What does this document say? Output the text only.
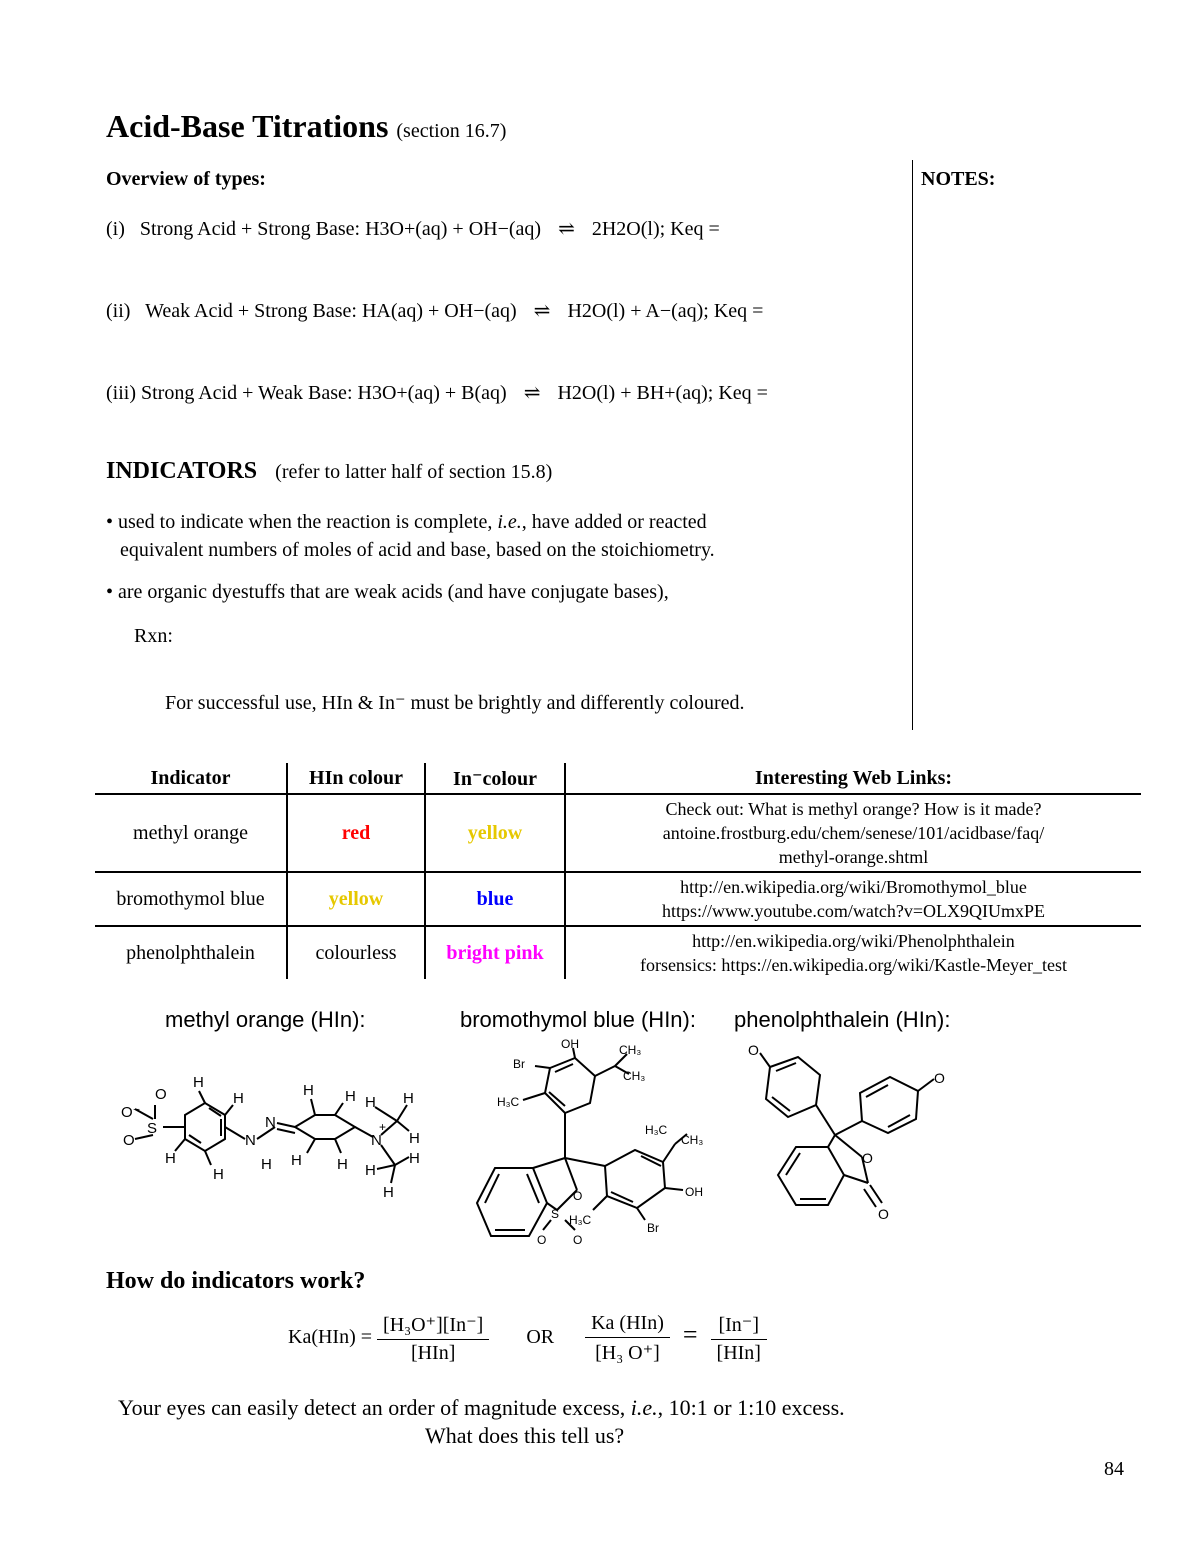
Acid-Base Titrations (section 16.7)
Overview of types:	NOTES:
(i) Strong Acid + Strong Base: H3O+(aq) + OH−(aq) ⇌ 2H2O(l); Keq =
(ii) Weak Acid + Strong Base: HA(aq) + OH−(aq) ⇌ H2O(l) + A−(aq); Keq =
(iii) Strong Acid + Weak Base: H3O+(aq) + B(aq) ⇌ H2O(l) + BH+(aq); Keq =
INDICATORS (refer to latter half of section 15.8)
• used to indicate when the reaction is complete, i.e., have added or reacted
equivalent numbers of moles of acid and base, based on the stoichiometry.
• are organic dyestuffs that are weak acids (and have conjugate bases),
Rxn:
For successful use, HIn & In⁻ must be brightly and differently coloured.
Indicator	HIn colour	In⁻colour	Interesting Web Links:
methyl orange	red	yellow	Check out: What is methyl orange? How is it made?
antoine.frostburg.edu/chem/senese/101/acidbase/faq/
methyl-orange.shtml
bromothymol blue	yellow	blue	http://en.wikipedia.org/wiki/Bromothymol_blue
https://www.youtube.com/watch?v=OLX9QIUmxPE
phenolphthalein	colourless	bright pink	http://en.wikipedia.org/wiki/Phenolphthalein
forsensics: https://en.wikipedia.org/wiki/Kastle-Meyer_test
methyl orange (HIn):	bromothymol blue (HIn): phenolphthalein (HIn):
S
O⁻
O
O
N
H
N
N
+
H
H
H
H
H H
H H
H H
H
H
H
H
OH
Br
CH₃
CH₃
H₃C
O
S
O O
H₃C
CH₃
OH
H₃C
Br
O
O
O
O
How do indicators work?
$Ka(HIn) = \frac{\text{[H₃O⁺][In⁻]}}{\text{[HIn]}}$ OR $\frac{\text{Ka (HIn)}}{\text{[H₃ O⁺]}} = \frac{[In^-]}{\text{[HIn]}}$
Your eyes can easily detect an order of magnitude excess, i.e., 10:1 or 1:10 excess.
What does this tell us?
84
